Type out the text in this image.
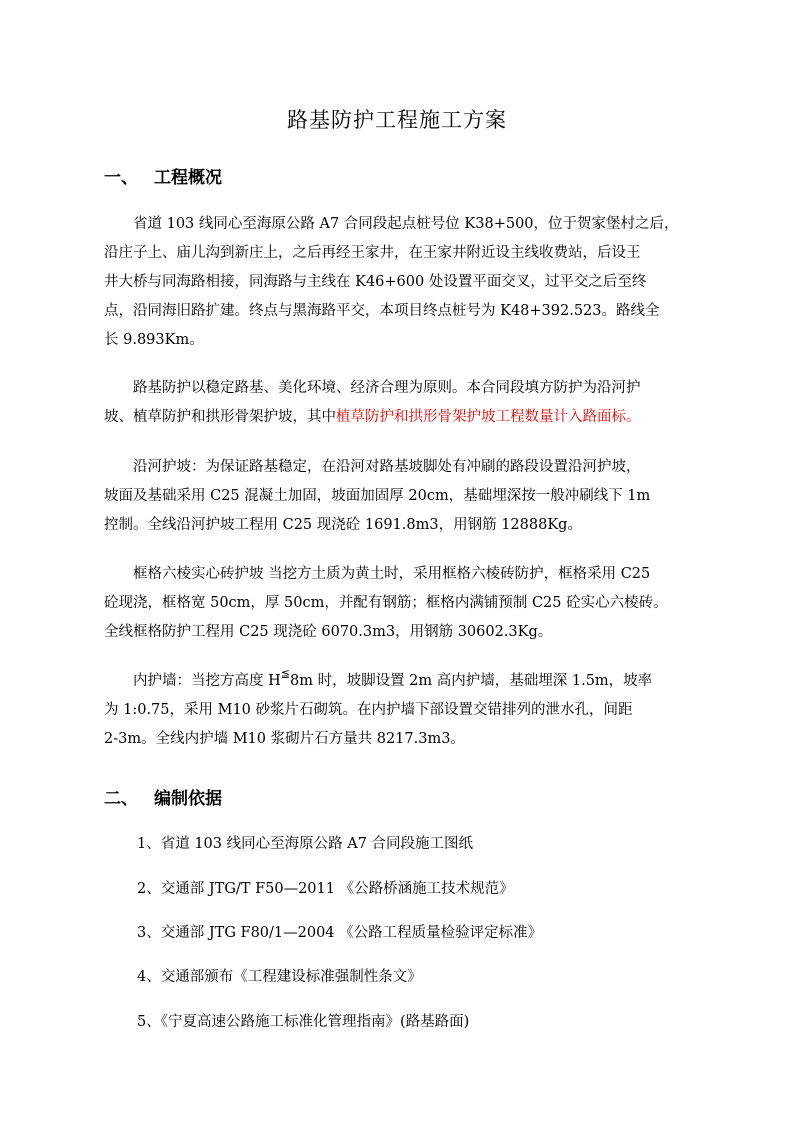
路基防护工程施工方案
一、 工程概况
　　省道 103 线同心至海原公路 A7 合同段起点桩号位 K38+500，位于贺家堡村之后，
沿庄子上、庙儿沟到新庄上，之后再经王家井，在王家井附近设主线收费站，后设王
井大桥与同海路相接，同海路与主线在 K46+600 处设置平面交叉，过平交之后至终
点，沿同海旧路扩建。终点与黑海路平交，本项目终点桩号为 K48+392.523。路线全
长 9.893Km。
　　路基防护以稳定路基、美化环境、经济合理为原则。本合同段填方防护为沿河护
坡、植草防护和拱形骨架护坡，其中植草防护和拱形骨架护坡工程数量计入路面标。
　　沿河护坡：为保证路基稳定，在沿河对路基坡脚处有冲刷的路段设置沿河护坡，
坡面及基础采用 C25 混凝土加固，坡面加固厚 20cm，基础埋深按一般冲刷线下 1m
控制。全线沿河护坡工程用 C25 现浇砼 1691.8m3，用钢筋 12888Kg。
　　框格六棱实心砖护坡 当挖方土质为黄土时，采用框格六棱砖防护，框格采用 C25
砼现浇，框格宽 50cm，厚 50cm，并配有钢筋；框格内满铺预制 C25 砼实心六棱砖。
全线框格防护工程用 C25 现浇砼 6070.3m3，用钢筋 30602.3Kg。
　　内护墙：当挖方高度 H≦8m 时，坡脚设置 2m 高内护墙，基础埋深 1.5m，坡率
为 1:0.75，采用 M10 砂浆片石砌筑。在内护墙下部设置交错排列的泄水孔，间距
2-3m。全线内护墙 M10 浆砌片石方量共 8217.3m3。
二、 编制依据
1、省道 103 线同心至海原公路 A7 合同段施工图纸
2、交通部 JTG/T F50—2011 《公路桥涵施工技术规范》
3、交通部 JTG F80/1—2004 《公路工程质量检验评定标准》
4、交通部颁布《工程建设标准强制性条文》
5、《宁夏高速公路施工标准化管理指南》(路基路面)
